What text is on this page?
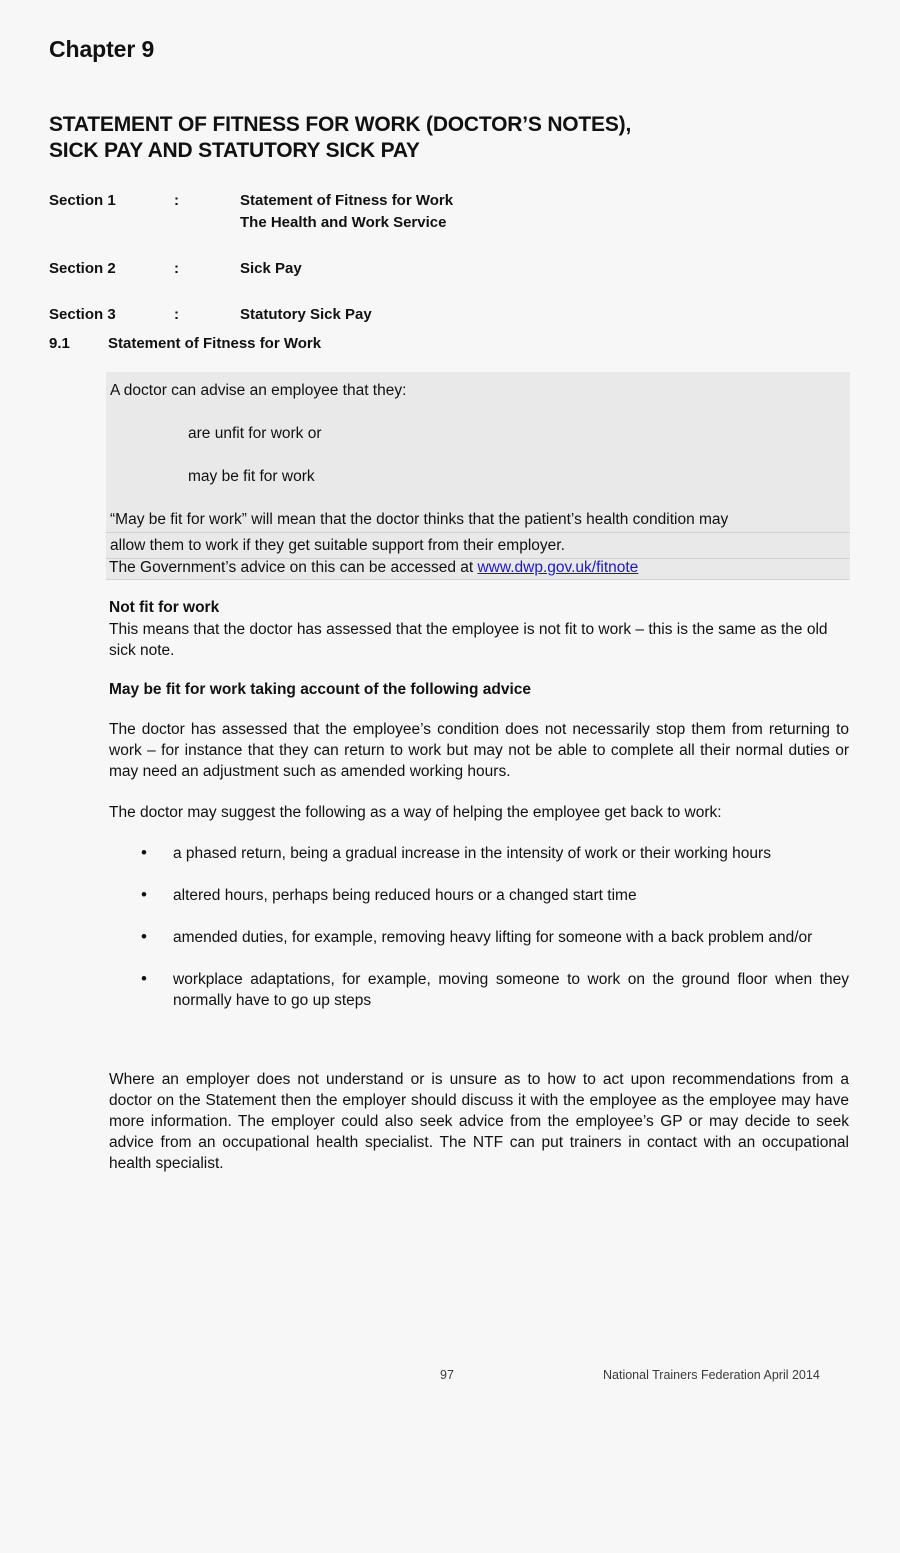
Chapter 9
STATEMENT OF FITNESS FOR WORK (DOCTOR’S NOTES),
SICK PAY AND STATUTORY SICK PAY
Section 1	:	Statement of Fitness for Work
The Health and Work Service
Section 2	:	Sick Pay
Section 3	:	Statutory Sick Pay
9.1	Statement of Fitness for Work
A doctor can advise an employee that they:
are unfit for work or
may be fit for work
“May be fit for work” will mean that the doctor thinks that the patient’s health condition may
allow them to work if they get suitable support from their employer.
The Government’s advice on this can be accessed at www.dwp.gov.uk/fitnote
Not fit for work
This means that the doctor has assessed that the employee is not fit to work – this is the same as the old sick note.
May be fit for work taking account of the following advice
The doctor has assessed that the employee’s condition does not necessarily stop them from returning to work – for instance that they can return to work but may not be able to complete all their normal duties or may need an adjustment such as amended working hours.
The doctor may suggest the following as a way of helping the employee get back to work:
•	a phased return, being a gradual increase in the intensity of work or their working hours
•	altered hours, perhaps being reduced hours or a changed start time
•	amended duties, for example, removing heavy lifting for someone with a back problem and/or
•	workplace adaptations, for example, moving someone to work on the ground floor when they normally have to go up steps
Where an employer does not understand or is unsure as to how to act upon recommendations from a doctor on the Statement then the employer should discuss it with the employee as the employee may have more information. The employer could also seek advice from the employee’s GP or may decide to seek advice from an occupational health specialist. The NTF can put trainers in contact with an occupational health specialist.
97	National Trainers Federation April 2014
